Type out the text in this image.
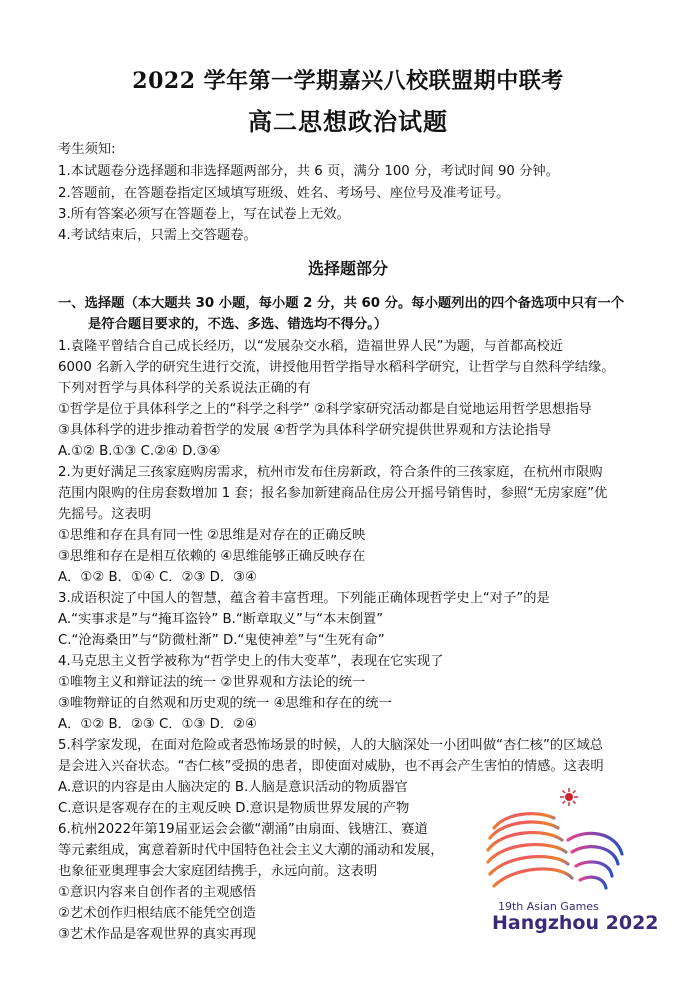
2022 学年第一学期嘉兴八校联盟期中联考
高二思想政治试题
考生须知:
1.本试题卷分选择题和非选择题两部分，共 6 页，满分 100 分，考试时间 90 分钟。
2.答题前，在答题卷指定区域填写班级、姓名、考场号、座位号及准考证号。
3.所有答案必须写在答题卷上，写在试卷上无效。
4.考试结束后，只需上交答题卷。
选择题部分
一、选择题（本大题共 30 小题，每小题 2 分，共 60 分。每小题列出的四个备选项中只有一个
是符合题目要求的，不选、多选、错选均不得分。）
1.袁隆平曾结合自己成长经历，以“发展杂交水稻，造福世界人民”为题，与首都高校近
6000 名新入学的研究生进行交流，讲授他用哲学指导水稻科学研究，让哲学与自然科学结缘。
下列对哲学与具体科学的关系说法正确的有
①哲学是位于具体科学之上的“科学之科学” ②科学家研究活动都是自觉地运用哲学思想指导
③具体科学的进步推动着哲学的发展 ④哲学为具体科学研究提供世界观和方法论指导
A.①② B.①③ C.②④ D.③④
2.为更好满足三孩家庭购房需求，杭州市发布住房新政，符合条件的三孩家庭，在杭州市限购
范围内限购的住房套数增加 1 套；报名参加新建商品住房公开摇号销售时，参照“无房家庭”优
先摇号。这表明
①思维和存在具有同一性 ②思维是对存在的正确反映
③思维和存在是相互依赖的 ④思维能够正确反映存在
A．①② B．①④ C．②③ D．③④
3.成语积淀了中国人的智慧，蕴含着丰富哲理。下列能正确体现哲学史上“对子”的是
A.“实事求是”与“掩耳盗铃” B.“断章取义”与“本末倒置”
C.“沧海桑田”与“防微杜渐” D.“鬼使神差”与“生死有命”
4.马克思主义哲学被称为“哲学史上的伟大变革”，表现在它实现了
①唯物主义和辩证法的统一 ②世界观和方法论的统一
③唯物辩证的自然观和历史观的统一 ④思维和存在的统一
A．①② B．②③ C．①③ D．②④
5.科学家发现，在面对危险或者恐怖场景的时候，人的大脑深处一小团叫做“杏仁核”的区域总
是会进入兴奋状态。“杏仁核”受损的患者，即使面对威胁，也不再会产生害怕的情感。这表明
A.意识的内容是由人脑决定的 B.人脑是意识活动的物质器官
C.意识是客观存在的主观反映 D.意识是物质世界发展的产物
6.杭州2022年第19届亚运会会徽“潮涌”由扇面、钱塘江、赛道
等元素组成，寓意着新时代中国特色社会主义大潮的涌动和发展，
也象征亚奥理事会大家庭团结携手，永远向前。这表明
①意识内容来自创作者的主观感悟
②艺术创作归根结底不能凭空创造
③艺术作品是客观世界的真实再现
19th Asian Games
Hangzhou 2022
